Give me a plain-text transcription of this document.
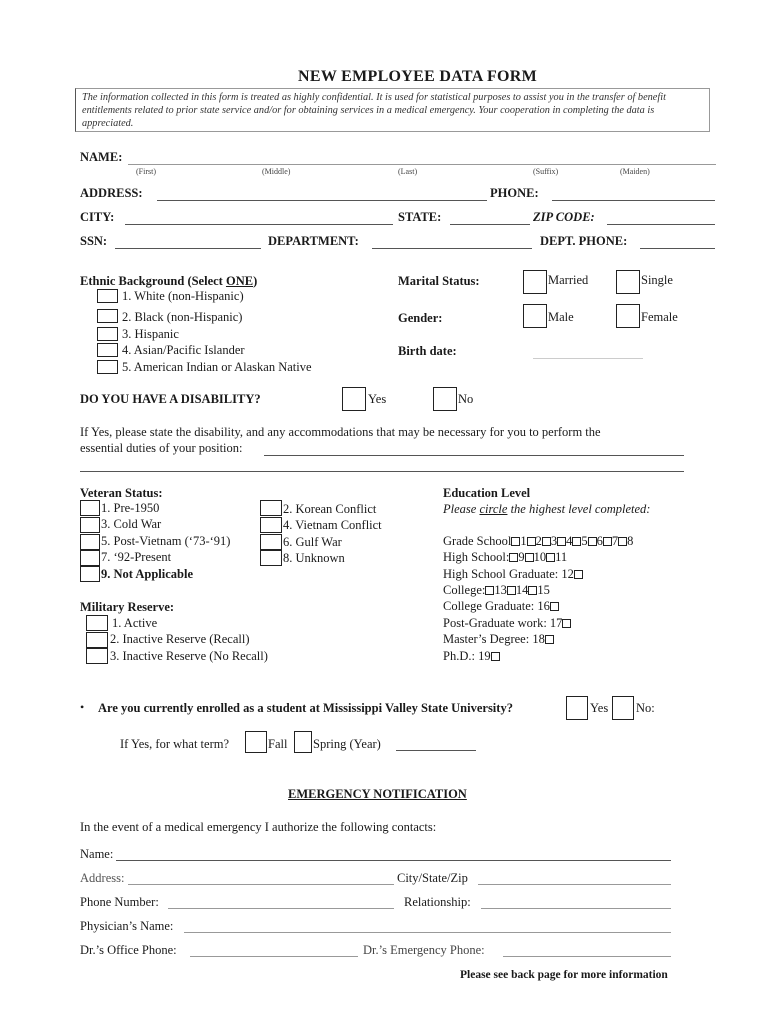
NEW EMPLOYEE DATA FORM
The information collected in this form is treated as highly confidential. It is used for statistical purposes to assist you in the transfer of benefit entitlements related to prior state service and/or for obtaining services in a medical emergency. Your cooperation in completing the data is appreciated.
NAME:
(First)	(Middle)	(Last)	(Suffix)	(Maiden)
ADDRESS:	PHONE:
CITY:	STATE:	ZIP CODE:
SSN:	DEPARTMENT:	DEPT. PHONE:
Ethnic Background (Select ONE)
1. White (non-Hispanic)
2. Black (non-Hispanic)
3. Hispanic
4. Asian/Pacific Islander
5. American Indian or Alaskan Native
Marital Status:	Married	Single
Gender:	Male	Female
Birth date:
DO YOU HAVE A DISABILITY?	Yes	No
If Yes, please state the disability, and any accommodations that may be necessary for you to perform the
essential duties of your position:
Veteran Status:
1. Pre-1950
3. Cold War
5. Post-Vietnam (‘73-‘91)
7. ‘92-Present
9. Not Applicable
2. Korean Conflict
4. Vietnam Conflict
6. Gulf War
8. Unknown
Military Reserve:
1. Active
2. Inactive Reserve (Recall)
3. Inactive Reserve (No Recall)
Education Level
Please circle the highest level completed:
Grade School 1 2 3 4 5 6 7 8
High School: 9 10 11
High School Graduate: 12
College: 13 14 15
College Graduate: 16
Post-Graduate work: 17
Master’s Degree: 18
Ph.D.: 19
• Are you currently enrolled as a student at Mississippi Valley State University?	Yes No:
If Yes, for what term?	Fall Spring (Year)
EMERGENCY NOTIFICATION
In the event of a medical emergency I authorize the following contacts:
Name:
Address:	City/State/Zip
Phone Number:	Relationship:
Physician’s Name:
Dr.’s Office Phone:	Dr.’s Emergency Phone:
Please see back page for more information
